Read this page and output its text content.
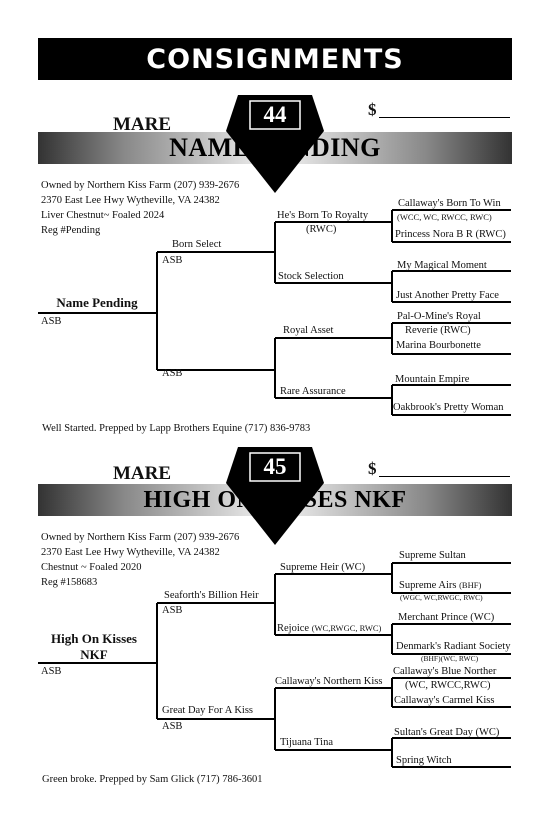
CONSIGNMENTS
44
NAME PENDING
MARE
$
Owned by Northern Kiss Farm (207) 939-2676
2370 East Lee Hwy Wytheville, VA 24382
Liver Chestnut~ Foaled 2024
Reg #Pending
Name Pending
ASB
Born Select
ASB
ASB
He's Born To Royalty
(RWC)
Stock Selection
Royal Asset
Rare Assurance
Callaway's Born To Win
(WCC, WC, RWCC, RWC)
Princess Nora B R (RWC)
My Magical Moment
Just Another Pretty Face
Pal-O-Mine's Royal
Reverie (RWC)
Marina Bourbonette
Mountain Empire
Oakbrook's Pretty Woman
Well Started. Prepped by Lapp Brothers Equine (717) 836-9783
45
HIGH ON KISSES NKF
MARE	$
Owned by Northern Kiss Farm (207) 939-2676
2370 East Lee Hwy Wytheville, VA 24382
Chestnut ~ Foaled 2020
Reg #158683
High On Kisses
NKF
ASB
Seaforth's Billion Heir
ASB
Great Day For A Kiss
ASB
Supreme Heir (WC)
Rejoice (WC,RWGC, RWC)
Callaway's Northern Kiss
Tijuana Tina
Supreme Sultan
Supreme Airs (BHF)
(WGC, WC,RWGC, RWC)
Merchant Prince (WC)
Denmark's Radiant Society
(BHF)(WC, RWC)
Callaway's Blue Norther
(WC, RWCC,RWC)
Callaway's Carmel Kiss
Sultan's Great Day (WC)
Spring Witch
Green broke. Prepped by Sam Glick (717) 786-3601
